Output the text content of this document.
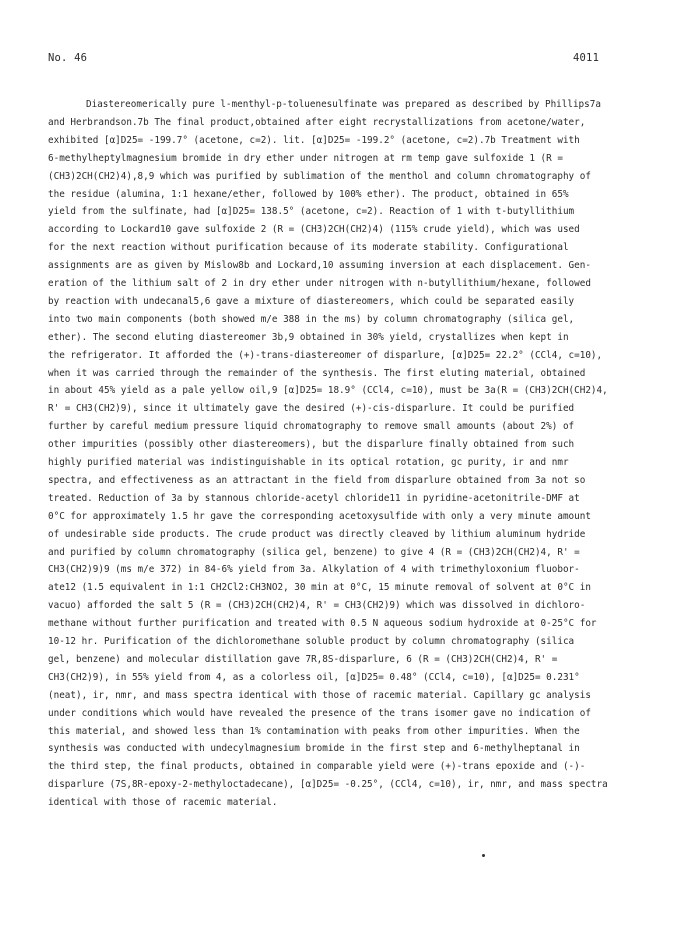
No. 46	4011
Diastereomerically pure l-menthyl-p-toluenesulfinate was prepared as described by Phillips7a
and Herbrandson.7b The final product,obtained after eight recrystallizations from acetone/water,
exhibited [α]D25= -199.7° (acetone, c=2). lit. [α]D25= -199.2° (acetone, c=2).7b Treatment with
6-methylheptylmagnesium bromide in dry ether under nitrogen at rm temp gave sulfoxide 1 (R =
(CH3)2CH(CH2)4),8,9 which was purified by sublimation of the menthol and column chromatography of
the residue (alumina, 1:1 hexane/ether, followed by 100% ether). The product, obtained in 65%
yield from the sulfinate, had [α]D25= 138.5° (acetone, c=2). Reaction of 1 with t-butyllithium
according to Lockard10 gave sulfoxide 2 (R = (CH3)2CH(CH2)4) (115% crude yield), which was used
for the next reaction without purification because of its moderate stability. Configurational
assignments are as given by Mislow8b and Lockard,10 assuming inversion at each displacement. Gen-
eration of the lithium salt of 2 in dry ether under nitrogen with n-butyllithium/hexane, followed
by reaction with undecanal5,6 gave a mixture of diastereomers, which could be separated easily
into two main components (both showed m/e 388 in the ms) by column chromatography (silica gel,
ether). The second eluting diastereomer 3b,9 obtained in 30% yield, crystallizes when kept in
the refrigerator. It afforded the (+)-trans-diastereomer of disparlure, [α]D25= 22.2° (CCl4, c=10),
when it was carried through the remainder of the synthesis. The first eluting material, obtained
in about 45% yield as a pale yellow oil,9 [α]D25= 18.9° (CCl4, c=10), must be 3a(R = (CH3)2CH(CH2)4,
R' = CH3(CH2)9), since it ultimately gave the desired (+)-cis-disparlure. It could be purified
further by careful medium pressure liquid chromatography to remove small amounts (about 2%) of
other impurities (possibly other diastereomers), but the disparlure finally obtained from such
highly purified material was indistinguishable in its optical rotation, gc purity, ir and nmr
spectra, and effectiveness as an attractant in the field from disparlure obtained from 3a not so
treated. Reduction of 3a by stannous chloride-acetyl chloride11 in pyridine-acetonitrile-DMF at
0°C for approximately 1.5 hr gave the corresponding acetoxysulfide with only a very minute amount
of undesirable side products. The crude product was directly cleaved by lithium aluminum hydride
and purified by column chromatography (silica gel, benzene) to give 4 (R = (CH3)2CH(CH2)4, R' =
CH3(CH2)9)9 (ms m/e 372) in 84-6% yield from 3a. Alkylation of 4 with trimethyloxonium fluobor-
ate12 (1.5 equivalent in 1:1 CH2Cl2:CH3NO2, 30 min at 0°C, 15 minute removal of solvent at 0°C in
vacuo) afforded the salt 5 (R = (CH3)2CH(CH2)4, R' = CH3(CH2)9) which was dissolved in dichloro-
methane without further purification and treated with 0.5 N aqueous sodium hydroxide at 0-25°C for
10-12 hr. Purification of the dichloromethane soluble product by column chromatography (silica
gel, benzene) and molecular distillation gave 7R,8S-disparlure, 6 (R = (CH3)2CH(CH2)4, R' =
CH3(CH2)9), in 55% yield from 4, as a colorless oil, [α]D25= 0.48° (CCl4, c=10), [α]D25= 0.231°
(neat), ir, nmr, and mass spectra identical with those of racemic material. Capillary gc analysis
under conditions which would have revealed the presence of the trans isomer gave no indication of
this material, and showed less than 1% contamination with peaks from other impurities. When the
synthesis was conducted with undecylmagnesium bromide in the first step and 6-methylheptanal in
the third step, the final products, obtained in comparable yield were (+)-trans epoxide and (-)-
disparlure (7S,8R-epoxy-2-methyloctadecane), [α]D25= -0.25°, (CCl4, c=10), ir, nmr, and mass spectra
identical with those of racemic material.
